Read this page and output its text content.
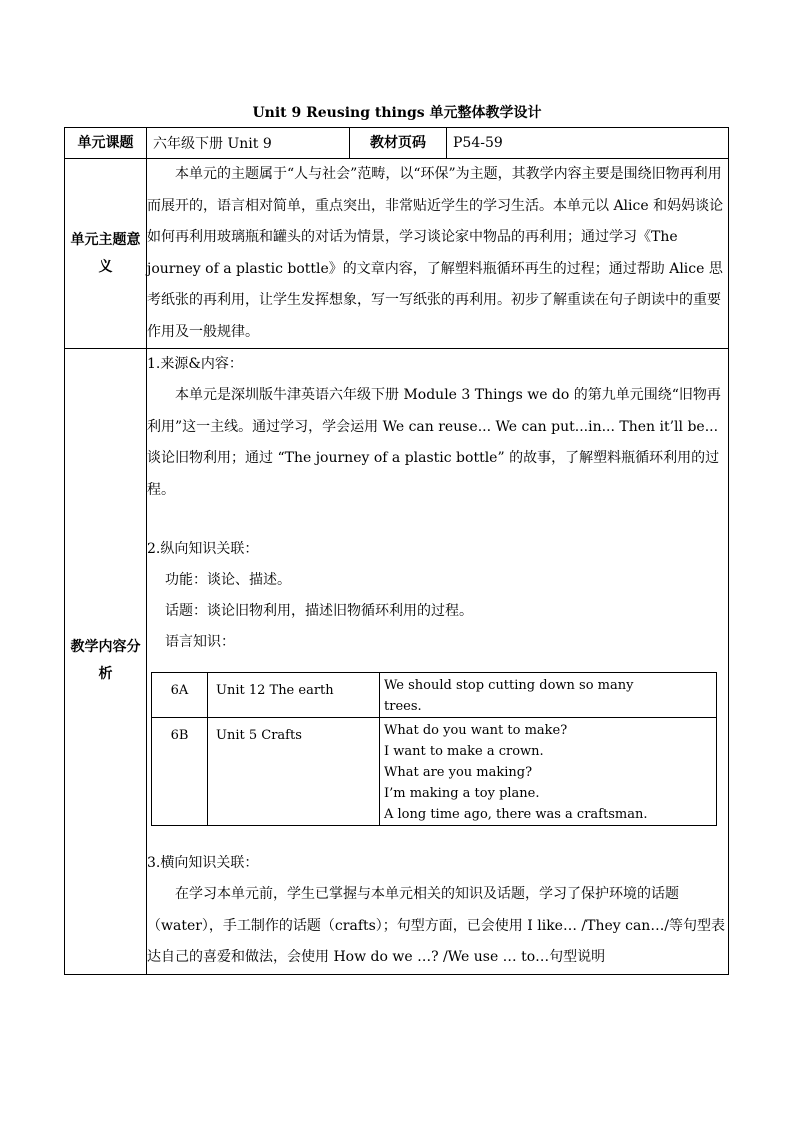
Unit 9 Reusing things 单元整体教学设计
单元课题	六年级下册 Unit 9	教材页码	P54-59
单元主题意义	
本单元的主题属于“人与社会”范畴，以“环保”为主题，其教学内容主要是围绕旧物再利用而展开的，语言相对简单，重点突出，非常贴近学生的学习生活。本单元以 Alice 和妈妈谈论如何再利用玻璃瓶和罐头的对话为情景，学习谈论家中物品的再利用；通过学习《The journey of a plastic bottle》的文章内容，了解塑料瓶循环再生的过程；通过帮助 Alice 思考纸张的再利用，让学生发挥想象，写一写纸张的再利用。初步了解重读在句子朗读中的重要作用及一般规律。

教学内容分析	
1.来源&内容：
本单元是深圳版牛津英语六年级下册 Module 3 Things we do 的第九单元围绕“旧物再利用”这一主线。通过学习，学会运用 We can reuse... We can put...in... Then it’ll be... 谈论旧物利用；通过 “The journey of a plastic bottle” 的故事，了解塑料瓶循环利用的过程。
2.纵向知识关联：
功能：谈论、描述。
话题：谈论旧物利用，描述旧物循环利用的过程。
语言知识：
6A	Unit 12 The earth	We should stop cutting down so many trees.

6B	Unit 5 Crafts	What do you want to make?
I want to make a crown.
What are you making?
I’m making a toy plane.
A long time ago, there was a craftsman.
3.横向知识关联：
在学习本单元前，学生已掌握与本单元相关的知识及话题，学习了保护环境的话题（water），手工制作的话题（crafts）；句型方面，已会使用 I like… /They can…/等句型表达自己的喜爱和做法，会使用 How do we …? /We use … to…句型说明
